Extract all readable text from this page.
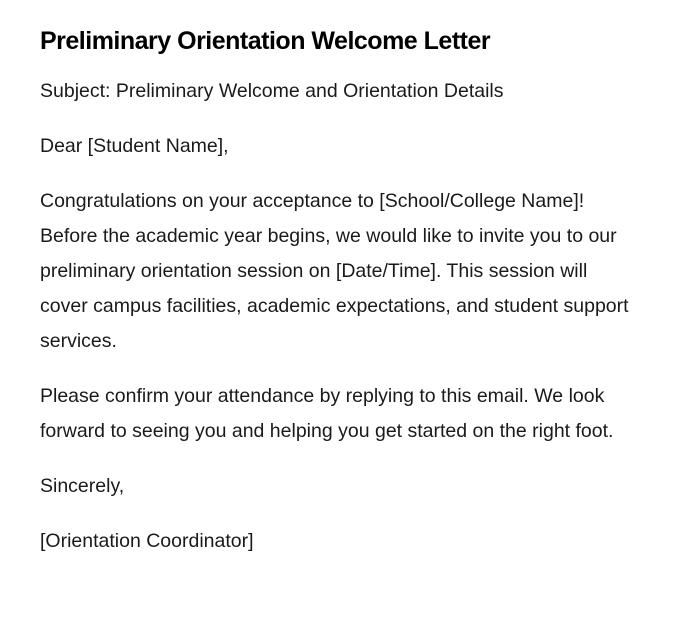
Preliminary Orientation Welcome Letter

Subject: Preliminary Welcome and Orientation Details

Dear [Student Name],

Congratulations on your acceptance to [School/College Name]! Before the academic year begins, we would like to invite you to our preliminary orientation session on [Date/Time]. This session will cover campus facilities, academic expectations, and student support services.

Please confirm your attendance by replying to this email. We look forward to seeing you and helping you get started on the right foot.

Sincerely,

[Orientation Coordinator]
